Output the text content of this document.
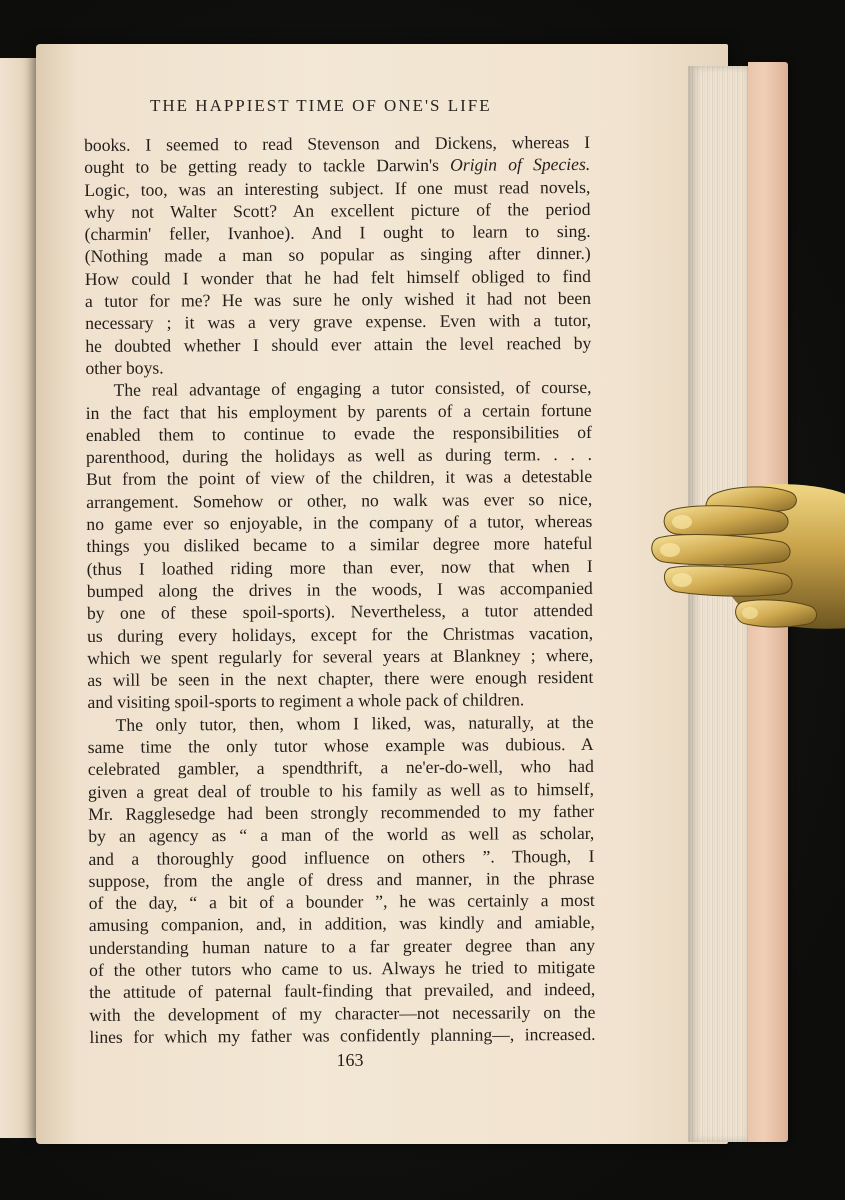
THE HAPPIEST TIME OF ONE'S LIFE
books. I seemed to read Stevenson and Dickens, whereas I
ought to be getting ready to tackle Darwin's Origin of Species.
Logic, too, was an interesting subject. If one must read novels,
why not Walter Scott? An excellent picture of the period
(charmin' feller, Ivanhoe). And I ought to learn to sing.
(Nothing made a man so popular as singing after dinner.)
How could I wonder that he had felt himself obliged to find
a tutor for me? He was sure he only wished it had not been
necessary ; it was a very grave expense. Even with a tutor,
he doubted whether I should ever attain the level reached by
other boys.
The real advantage of engaging a tutor consisted, of course,
in the fact that his employment by parents of a certain fortune
enabled them to continue to evade the responsibilities of
parenthood, during the holidays as well as during term. . . .
But from the point of view of the children, it was a detestable
arrangement. Somehow or other, no walk was ever so nice,
no game ever so enjoyable, in the company of a tutor, whereas
things you disliked became to a similar degree more hateful
(thus I loathed riding more than ever, now that when I
bumped along the drives in the woods, I was accompanied
by one of these spoil-sports). Nevertheless, a tutor attended
us during every holidays, except for the Christmas vacation,
which we spent regularly for several years at Blankney ; where,
as will be seen in the next chapter, there were enough resident
and visiting spoil-sports to regiment a whole pack of children.
The only tutor, then, whom I liked, was, naturally, at the
same time the only tutor whose example was dubious. A
celebrated gambler, a spendthrift, a ne'er-do-well, who had
given a great deal of trouble to his family as well as to himself,
Mr. Ragglesedge had been strongly recommended to my father
by an agency as “ a man of the world as well as scholar,
and a thoroughly good influence on others ”. Though, I
suppose, from the angle of dress and manner, in the phrase
of the day, “ a bit of a bounder ”, he was certainly a most
amusing companion, and, in addition, was kindly and amiable,
understanding human nature to a far greater degree than any
of the other tutors who came to us. Always he tried to mitigate
the attitude of paternal fault-finding that prevailed, and indeed,
with the development of my character—not necessarily on the
lines for which my father was confidently planning—, increased.
163
